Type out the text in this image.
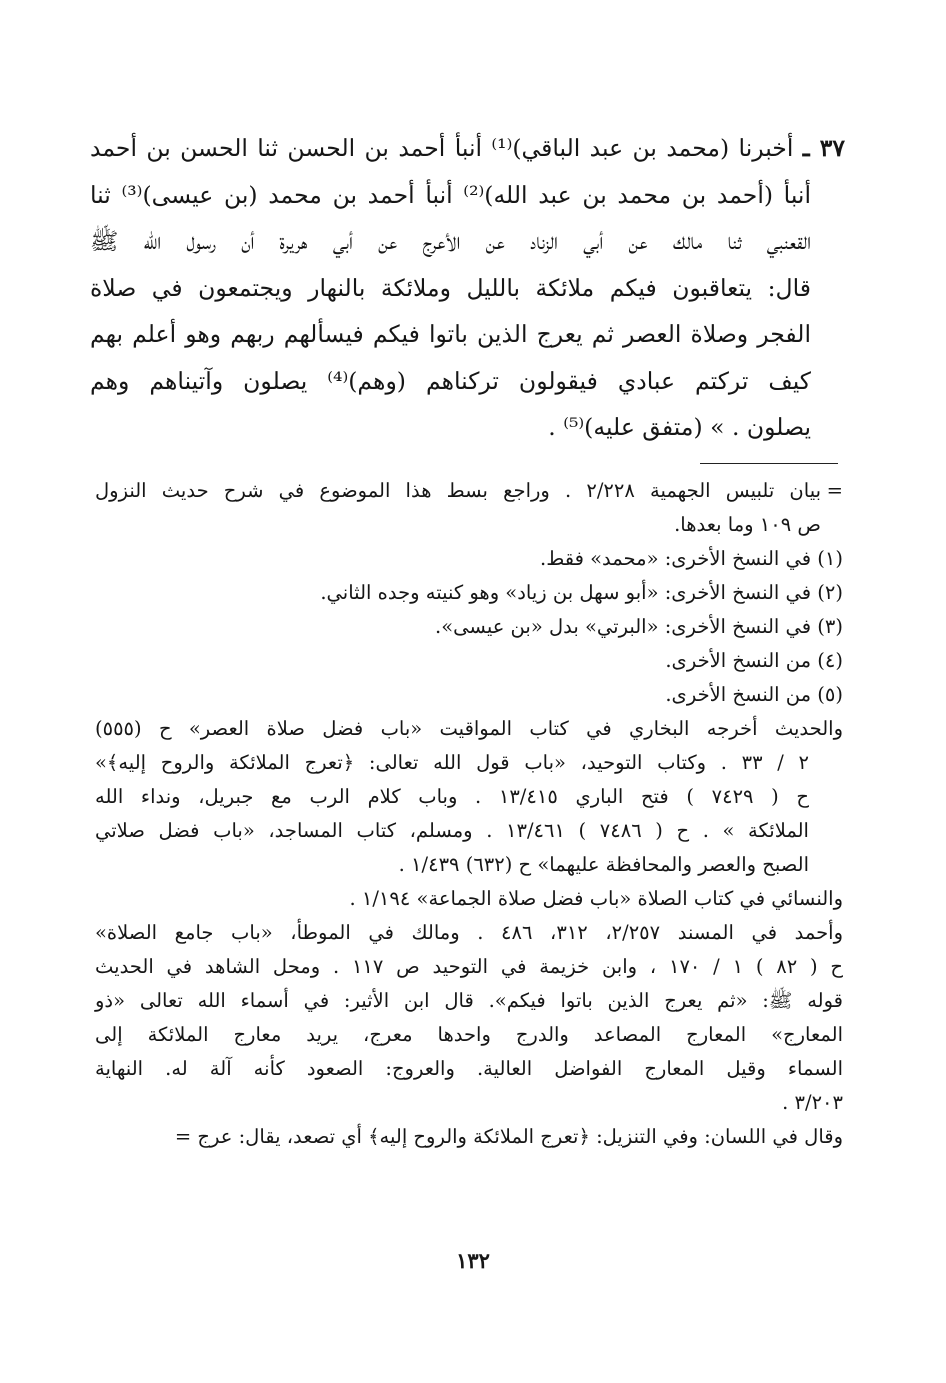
٣٧ ـ أخبرنا (محمد بن عبد الباقي)⁽¹⁾ أنبأ أحمد بن الحسن ثنا الحسن بن أحمد
أنبأ (أحمد بن محمد بن عبد الله)⁽²⁾ أنبأ أحمد بن محمد (بن عيسى)⁽³⁾ ثنا
القعنبي ثنا مالك عن أبي الزناد عن الأعرج عن أبي هريرة أن رسول الله ﷺ
قال: يتعاقبون فيكم ملائكة بالليل وملائكة بالنهار ويجتمعون في صلاة
الفجر وصلاة العصر ثم يعرج الذين باتوا فيكم فيسألهم ربهم وهو أعلم بهم
كيف تركتم عبادي فيقولون تركناهم (وهم)⁽⁴⁾ يصلون وآتيناهم وهم
يصلون . » (متفق عليه)⁽⁵⁾ .
=
بيان تلبيس الجهمية ٢/٢٢٨ . وراجع بسط هذا الموضوع في شرح حديث النزول
ص ١٠٩ وما بعدها.
(١) في النسخ الأخرى: «محمد» فقط.
(٢) في النسخ الأخرى: «أبو سهل بن زياد» وهو كنيته وجده الثاني.
(٣) في النسخ الأخرى: «البرتي» بدل «بن عيسى».
(٤) من النسخ الأخرى.
(٥) من النسخ الأخرى.
والحديث أخرجه البخاري في كتاب المواقيت «باب فضل صلاة العصر» ح (٥٥٥)
٢ / ٣٣ . وكتاب التوحيد، «باب قول الله تعالى: ﴿تعرج الملائكة والروح إليه﴾»
ح ( ٧٤٢٩ ) فتح الباري ١٣/٤١٥ . وباب كلام الرب مع جبريل، ونداء الله
الملائكة » . ح ( ٧٤٨٦ ) ١٣/٤٦١ . ومسلم، كتاب المساجد، «باب فضل صلاتي
الصبح والعصر والمحافظة عليهما» ح (٦٣٢) ١/٤٣٩ .
والنسائي في كتاب الصلاة «باب فضل صلاة الجماعة» ١/١٩٤ .
وأحمد في المسند ٢/٢٥٧، ٣١٢، ٤٨٦ . ومالك في الموطأ، «باب جامع الصلاة»
ح ( ٨٢ ) ١ / ١٧٠ ، وابن خزيمة في التوحيد ص ١١٧ . ومحل الشاهد في الحديث
قوله ﷺ: «ثم يعرج الذين باتوا فيكم». قال ابن الأثير: في أسماء الله تعالى «ذو
المعارج» المعارج المصاعد والدرج واحدها معرج، يريد معارج الملائكة إلى
السماء وقيل المعارج الفواضل العالية. والعروج: الصعود كأنه آلة له. النهاية
٣/٢٠٣ .
وقال في اللسان: وفي التنزيل: ﴿تعرج الملائكة والروح إليه﴾ أي تصعد، يقال: عرج =
١٣٢
